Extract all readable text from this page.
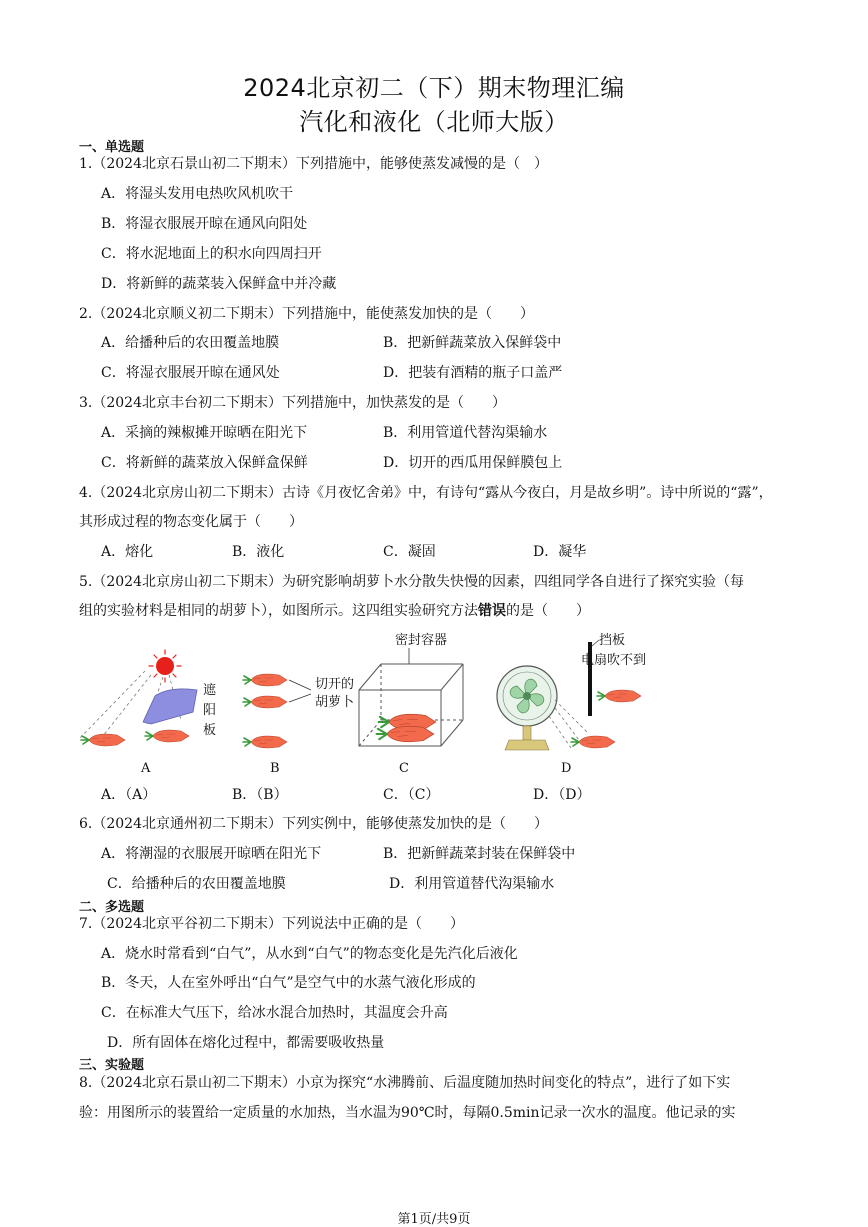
2024北京初二（下）期末物理汇编
汽化和液化（北师大版）
一、单选题
1.（2024北京石景山初二下期末）下列措施中，能够使蒸发减慢的是（　）
A．将湿头发用电热吹风机吹干
B．将湿衣服展开晾在通风向阳处
C．将水泥地面上的积水向四周扫开
D．将新鲜的蔬菜装入保鲜盒中并冷藏
2.（2024北京顺义初二下期末）下列措施中，能使蒸发加快的是（　　）
A．给播种后的农田覆盖地膜	B．把新鲜蔬菜放入保鲜袋中
C．将湿衣服展开晾在通风处	D．把装有酒精的瓶子口盖严
3.（2024北京丰台初二下期末）下列措施中，加快蒸发的是（　　）
A．采摘的辣椒摊开晾晒在阳光下	B．利用管道代替沟渠输水
C．将新鲜的蔬菜放入保鲜盒保鲜	D．切开的西瓜用保鲜膜包上
4.（2024北京房山初二下期末）古诗《月夜忆舍弟》中，有诗句“露从今夜白，月是故乡明”。诗中所说的“露”，
其形成过程的物态变化属于（　　）
A．熔化	B．液化	C．凝固	D．凝华
5.（2024北京房山初二下期末）为研究影响胡萝卜水分散失快慢的因素，四组同学各自进行了探究实验（每
组的实验材料是相同的胡萝卜），如图所示。这四组实验研究方法错误的是（　　）
遮
阳
板
A
切开的
胡萝卜
B
密封容器
C
挡板
电扇吹不到
D
A．（A）	B．（B）	C．（C）	D．（D）
6.（2024北京通州初二下期末）下列实例中，能够使蒸发加快的是（　　）
A．将潮湿的衣服展开晾晒在阳光下	B．把新鲜蔬菜封装在保鲜袋中
C．给播种后的农田覆盖地膜	D．利用管道替代沟渠输水
二、多选题
7.（2024北京平谷初二下期末）下列说法中正确的是（　　）
A．烧水时常看到“白气”，从水到“白气”的物态变化是先汽化后液化
B．冬天，人在室外呼出“白气”是空气中的水蒸气液化形成的
C．在标准大气压下，给冰水混合加热时，其温度会升高
D．所有固体在熔化过程中，都需要吸收热量
三、实验题
8.（2024北京石景山初二下期末）小京为探究“水沸腾前、后温度随加热时间变化的特点”，进行了如下实
验：用图所示的装置给一定质量的水加热，当水温为90℃时，每隔0.5min记录一次水的温度。他记录的实
第1页/共9页
